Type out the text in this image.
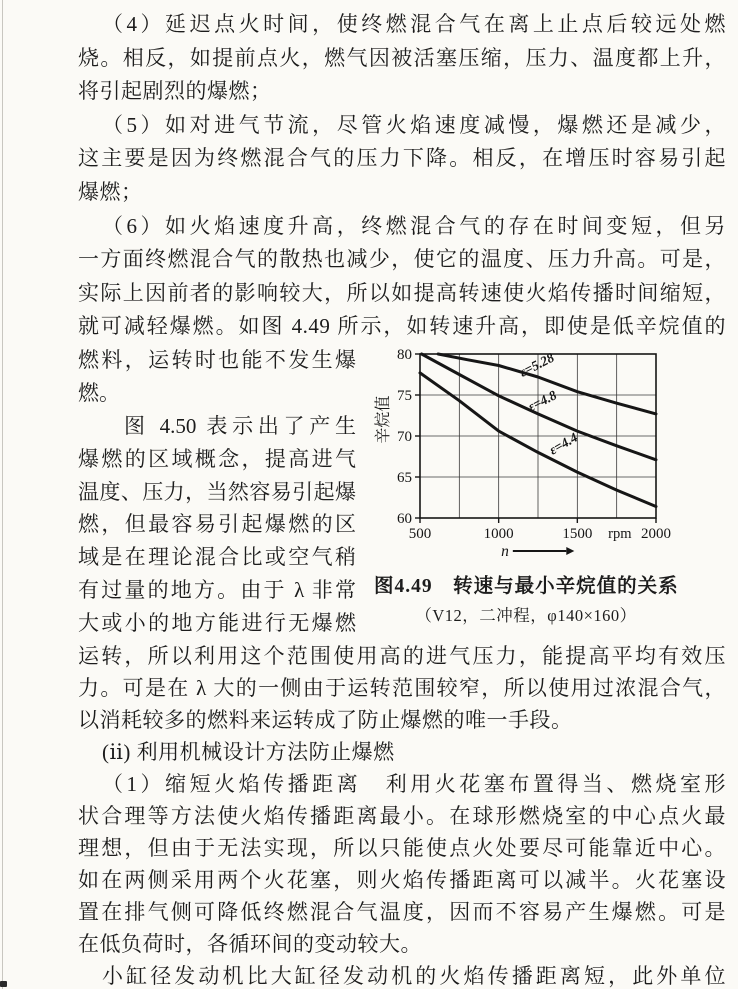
（4）延迟点火时间，使终燃混合气在离上止点后较远处燃
烧。相反，如提前点火，燃气因被活塞压缩，压力、温度都上升，
将引起剧烈的爆燃；
（5）如对进气节流，尽管火焰速度减慢，爆燃还是减少，
这主要是因为终燃混合气的压力下降。相反，在增压时容易引起
爆燃；
（6）如火焰速度升高，终燃混合气的存在时间变短，但另
一方面终燃混合气的散热也减少，使它的温度、压力升高。可是，
实际上因前者的影响较大，所以如提高转速使火焰传播时间缩短，
就可减轻爆燃。如图 4.49 所示，如转速升高，即使是低辛烷值的
燃料，运转时也能不发生爆
燃。
图 4.50 表示出了产生
爆燃的区域概念，提高进气
温度、压力，当然容易引起爆
燃，但最容易引起爆燃的区
域是在理论混合比或空气稍
有过量的地方。由于 λ 非常
大或小的地方能进行无爆燃
60
65
70
75
80
500	1000	1500	2000
rpm
辛烷值
n
ε=5.28
ε=4.8
ε=4.4
图4.49　转速与最小辛烷值的关系
（V12，二冲程，φ140×160）
运转，所以利用这个范围使用高的进气压力，能提高平均有效压
力。可是在 λ 大的一侧由于运转范围较窄，所以使用过浓混合气，
以消耗较多的燃料来运转成了防止爆燃的唯一手段。
(ⅱ) 利用机械设计方法防止爆燃
（1）缩短火焰传播距离　利用火花塞布置得当、燃烧室形
状合理等方法使火焰传播距离最小。在球形燃烧室的中心点火最
理想，但由于无法实现，所以只能使点火处要尽可能靠近中心。
如在两侧采用两个火花塞，则火焰传播距离可以减半。火花塞设
置在排气侧可降低终燃混合气温度，因而不容易产生爆燃。可是
在低负荷时，各循环间的变动较大。
小缸径发动机比大缸径发动机的火焰传播距离短，此外单位
